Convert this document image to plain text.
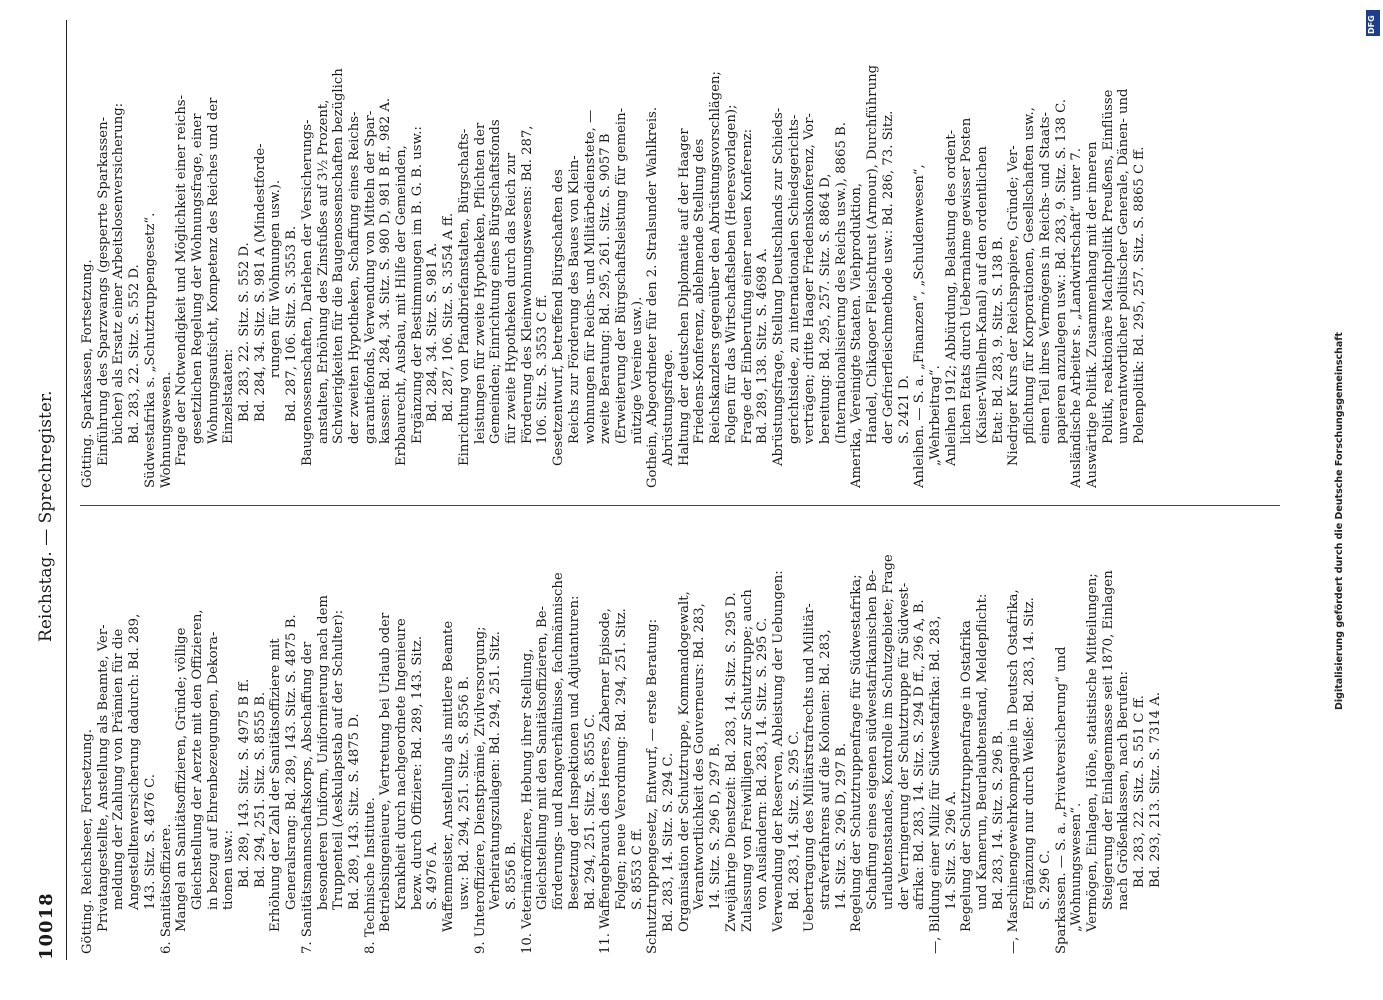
10018
Reichstag. — Sprechregister.
Götting. Reichsheer, Fortsetzung. Privatangestellte, Anstellung als Beamte, Ver- meldung der Zahlung von Prämien für die Angestelltenversicherung dadurch: Bd. 289, 143. Sitz. S. 4876 C. 6. Sanitätsoffiziere. Mangel an Sanitätsoffizieren, Gründe; völlige Gleichstellung der Aerzte mit den Offizieren, in bezug auf Ehrenbezeugungen, Dekora- tionen usw.: Bd. 289, 143. Sitz. S. 4975 B ff. Bd. 294, 251. Sitz. S. 8555 B. Erhöhung der Zahl der Sanitätsoffiziere mit Generalsrang: Bd. 289, 143. Sitz. S. 4875 B. 7. Sanitätsmannschaftskorps, Abschaffung der besonderen Uniform, Uniformierung nach dem Truppenteil (Aeskulapstab auf der Schulter): Bd. 289, 143. Sitz. S. 4875 D. 8. Technische Institute. Betriebsingenieure, Vertretung bei Urlaub oder Krankheit durch nachgeordnete Ingenieure bezw. durch Offiziere: Bd. 289, 143. Sitz. S. 4976 A. Waffenmeister, Anstellung als mittlere Beamte usw.: Bd. 294, 251. Sitz. S. 8556 B. 9. Unteroffiziere, Dienstprämie, Zivilversorgung; Verheiratungszulagen: Bd. 294, 251. Sitz. S. 8556 B. 10. Veterinäroffiziere, Hebung ihrer Stellung, Gleichstellung mit den Sanitätsoffizieren, Be- förderungs- und Rangverhältnisse, fachmännische Besetzung der Inspektionen und Adjutanturen: Bd. 294, 251. Sitz. S. 8555 C. 11. Waffengebrauch des Heeres, Zaberner Episode, Folgen; neue Verordnung: Bd. 294, 251. Sitz. S. 8553 C ff. Schutztruppengesetz, Entwurf, — erste Beratung: Bd. 283, 14. Sitz. S. 294 C. Organisation der Schutztruppe, Kommandogewalt, Verantwortlichkeit des Gouverneurs: Bd. 283, 14. Sitz. S. 296 D, 297 B. Zweijährige Dienstzeit: Bd. 283, 14. Sitz. S. 295 D. Zulassung von Freiwilligen zur Schutztruppe; auch von Ausländern: Bd. 283, 14. Sitz. S. 295 C. Verwendung der Reserven, Ableistung der Uebungen: Bd. 283, 14. Sitz. S. 295 C. Uebertragung des Militärstrafrechts und Militär- strafverfahrens auf die Kolonien: Bd. 283, 14. Sitz. S. 296 D, 297 B. Regelung der Schutztruppenfrage für Südwestafrika; Schaffung eines eigenen südwestafrikanischen Be- urlaubtenstandes, Kontrolle im Schutzgebiete; Frage der Verringerung der Schutztruppe für Südwest- afrika: Bd. 283, 14. Sitz. S. 294 D ff., 296 A, B. —, Bildung einer Miliz für Südwestafrika: Bd. 283, 14. Sitz. S. 296 A. Regelung der Schutztruppenfrage in Ostafrika und Kamerun, Beurlaubtenstand, Meldepflicht: Bd. 283, 14. Sitz. S. 296 B. —, Maschinengewehrkompagnie in Deutsch Ostafrika, Ergänzung nur durch Weiße: Bd. 283, 14. Sitz. S. 296 C. Sparkassen. — S. a. „Privatversicherung“ und „Wohnungswesen“. Vermögen, Einlagen, Höhe, statistische Mitteilungen; Steigerung der Einlagenmasse seit 1870, Einlagen nach Größenklassen, nach Berufen: Bd. 283, 22. Sitz. S. 551 C ff. Bd. 293, 213. Sitz. S. 7314 A.
Götting. Sparkassen, Fortsetzung. Einführung des Sparzwangs (gesperrte Sparkassen- bücher) als Ersatz einer Arbeitslosenversicherung: Bd. 283, 22. Sitz. S. 552 D. Südwestafrika s. „Schutztruppengesetz“. Wohnungswesen. Frage der Notwendigkeit und Möglichkeit einer reichs- gesetzlichen Regelung der Wohnungsfrage, einer Wohnungsaufsicht, Kompetenz des Reiches und der Einzelstaaten: Bd. 283, 22. Sitz. S. 552 D. Bd. 284, 34. Sitz. S. 981 A (Mindestforde- rungen für Wohnungen usw.). Bd. 287, 106. Sitz. S. 3553 B. Baugenossenschaften, Darlehen der Versicherungs- anstalten, Erhöhung des Zinsfußes auf 3½ Prozent, Schwierigkeiten für die Baugenossenschaften bezüglich der zweiten Hypotheken, Schaffung eines Reichs- garantiefonds, Verwendung von Mitteln der Spar- kassen: Bd. 284, 34. Sitz. S. 980 D, 981 B ff., 982 A. Erbbaurecht, Ausbau, mit Hilfe der Gemeinden, Ergänzung der Bestimmungen im B. G. B. usw.: Bd. 284, 34. Sitz. S. 981 A. Bd. 287, 106. Sitz. S. 3554 A ff. Einrichtung von Pfandbriefanstalten, Bürgschafts- leistungen für zweite Hypotheken, Pflichten der Gemeinden; Einrichtung eines Bürgschaftsfonds für zweite Hypotheken durch das Reich zur Förderung des Kleinwohnungswesens: Bd. 287, 106. Sitz. S. 3553 C ff. Gesetzentwurf, betreffend Bürgschaften des Reichs zur Förderung des Baues von Klein- wohnungen für Reichs- und Militärbedienstete, — zweite Beratung: Bd. 295, 261. Sitz. S. 9057 B (Erweiterung der Bürgschaftsleistung für gemein- nützige Vereine usw.). Gothein, Abgeordneter für den 2. Stralsunder Wahlkreis. Abrüstungsfrage. Haltung der deutschen Diplomatie auf der Haager Friedens-Konferenz, ablehnende Stellung des Reichskanzlers gegenüber den Abrüstungsvorschlägen; Folgen für das Wirtschaftsleben (Heeresvorlagen); Frage der Einberufung einer neuen Konferenz: Bd. 289, 138. Sitz. S. 4698 A. Abrüstungsfrage, Stellung Deutschlands zur Schieds- gerichtsidee, zu internationalen Schiedsgerichts- verträgen; dritte Haager Friedenskonferenz, Vor- bereitung: Bd. 295, 257. Sitz. S. 8864 D, (Internationalisierung des Reichs usw.), 8865 B. Amerika, Vereinigte Staaten. Viehproduktion, Handel, Chikagoer Fleischtrust (Armour), Durchführung der Gefrierfleischmethode usw.: Bd. 286, 73. Sitz. S. 2421 D. Anleihen. — S. a. „Finanzen“, „Schuldenwesen“, „Wehrbeitrag“. Anleihen 1912; Abbürdung, Belastung des ordent- lichen Etats durch Uebernahme gewisser Posten (Kaiser-Wilhelm-Kanal) auf den ordentlichen Etat: Bd. 283, 9. Sitz. S. 138 B. Niedriger Kurs der Reichspapiere, Gründe; Ver- pflichtung für Korporationen, Gesellschaften usw., einen Teil ihres Vermögens in Reichs- und Staats- papieren anzulegen usw.: Bd. 283, 9. Sitz. S. 138 C. Ausländische Arbeiter s. „Landwirtschaft“ unter 7. Auswärtige Politik. Zusammenhang mit der inneren Politik, reaktionäre Machtpolitik Preußens, Einflüsse unverantwortlicher politischer Generale, Dänen- und Polenpolitik: Bd. 295, 257. Sitz. S. 8865 C ff.
Digitalisierung gefördert durch die Deutsche Forschungsgemeinschaft
DFG
